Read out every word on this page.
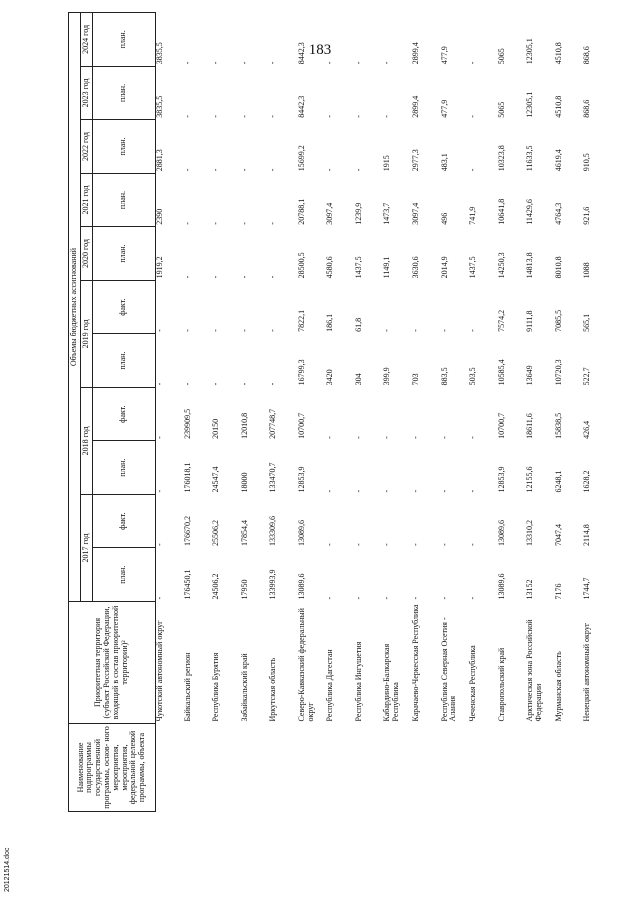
183
20121514.doc
Наименование подпрограммы государственной программы, основ- ного мероприятия, мероприятия, федеральной целевой программы, объекта	Приоритетная территория (субъект Российской Федерации, входящий в состав приоритетной территории)²	Объемы бюджетных ассигнований										
		2017 год		2018 год		2019 год		2020 год	2021 год	2022 год	2023 год	2024 год
		план.	факт.	план.	факт.	план.	факт.	план.	план.	план.	план.	план.
	Чукотский автономный округ	-	-	-	-	-	-	1919,2	2390	2881,3	3835,5	3835,5
	Байкальский регион	176450,1	176670,2	176018,1	239909,5	-	-	-	-	-	-	-
	Республика Бурятия	24506,2	25506,2	24547,4	20150	-	-	-	-	-	-	-
	Забайкальский край	17950	17854,4	18000	12010,8	-	-	-	-	-	-	-
	Иркутская область	133993,9	133309,6	133470,7	207748,7	-	-	-	-	-	-	-
	Северо-Кавказский федеральный округ	13089,6	13089,6	12853,9	10700,7	16799,3	7822,1	28500,5	20788,1	15699,2	8442,3	8442,3
	Республика Дагестан	-	-	-	-	3420	186,1	4580,6	3097,4	-	-	-
	Республика Ингушетия	-	-	-	-	304	61,8	1437,5	1239,9	-	-	-
	Кабардино-Балкарская Республика	-	-	-	-	399,9	-	1149,1	1473,7	1915	-	-
	Карачаево-Черкесская Республика	-	-	-	-	703	-	3630,6	3097,4	2977,3	2899,4	2899,4
	Республика Северная Осетия - Алания	-	-	-	-	883,5	-	2014,9	496	483,1	477,9	477,9
	Чеченская Республика	-	-	-	-	503,5	-	1437,5	741,9	-	-	-
	Ставропольский край	13089,6	13089,6	12853,9	10700,7	10585,4	7574,2	14250,3	10641,8	10323,8	5065	5065
	Арктическая зона Российской Федерации	13152	13310,2	12155,6	18611,6	13649	9111,8	14813,8	11429,6	11633,5	12305,1	12305,1
	Мурманская область	7176	7047,4	6248,1	15838,5	10720,3	7085,5	8010,8	4764,3	4619,4	4510,8	4510,8
	Ненецкий автономный округ	1744,7	2114,8	1628,2	426,4	522,7	565,1	1088	921,6	910,5	868,6	868,6
